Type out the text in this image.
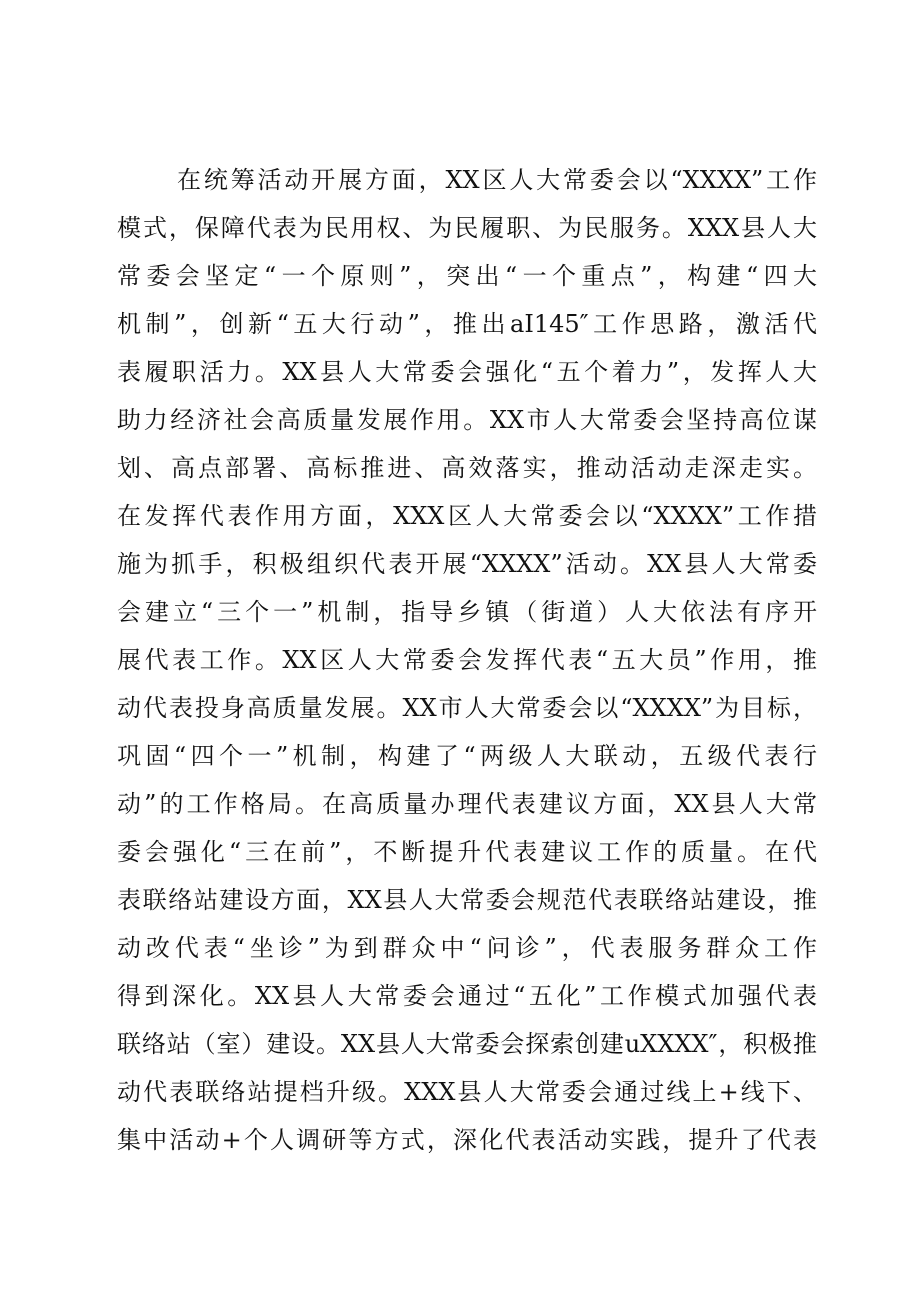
在统筹活动开展方面，XX区人大常委会以“XXXX”工作
模式，保障代表为民用权、为民履职、为民服务。XXX县人大
常委会坚定“一个原则”，突出“一个重点”，构建“四大
机制”，创新“五大行动”，推出aI145″工作思路，激活代
表履职活力。XX县人大常委会强化“五个着力”，发挥人大
助力经济社会高质量发展作用。XX市人大常委会坚持高位谋
划、高点部署、高标推进、高效落实，推动活动走深走实。
在发挥代表作用方面，XXX区人大常委会以“XXXX”工作措
施为抓手，积极组织代表开展“XXXX”活动。XX县人大常委
会建立“三个一”机制，指导乡镇（街道）人大依法有序开
展代表工作。XX区人大常委会发挥代表“五大员”作用，推
动代表投身高质量发展。XX市人大常委会以“XXXX”为目标，
巩固“四个一”机制，构建了“两级人大联动，五级代表行
动”的工作格局。在高质量办理代表建议方面，XX县人大常
委会强化“三在前”，不断提升代表建议工作的质量。在代
表联络站建设方面，XX县人大常委会规范代表联络站建设，推
动改代表“坐诊”为到群众中“问诊”，代表服务群众工作
得到深化。XX县人大常委会通过“五化”工作模式加强代表
联络站（室）建设。XX县人大常委会探索创建uXXXX″，积极推
动代表联络站提档升级。XXX县人大常委会通过线上+线下、
集中活动+个人调研等方式，深化代表活动实践，提升了代表
